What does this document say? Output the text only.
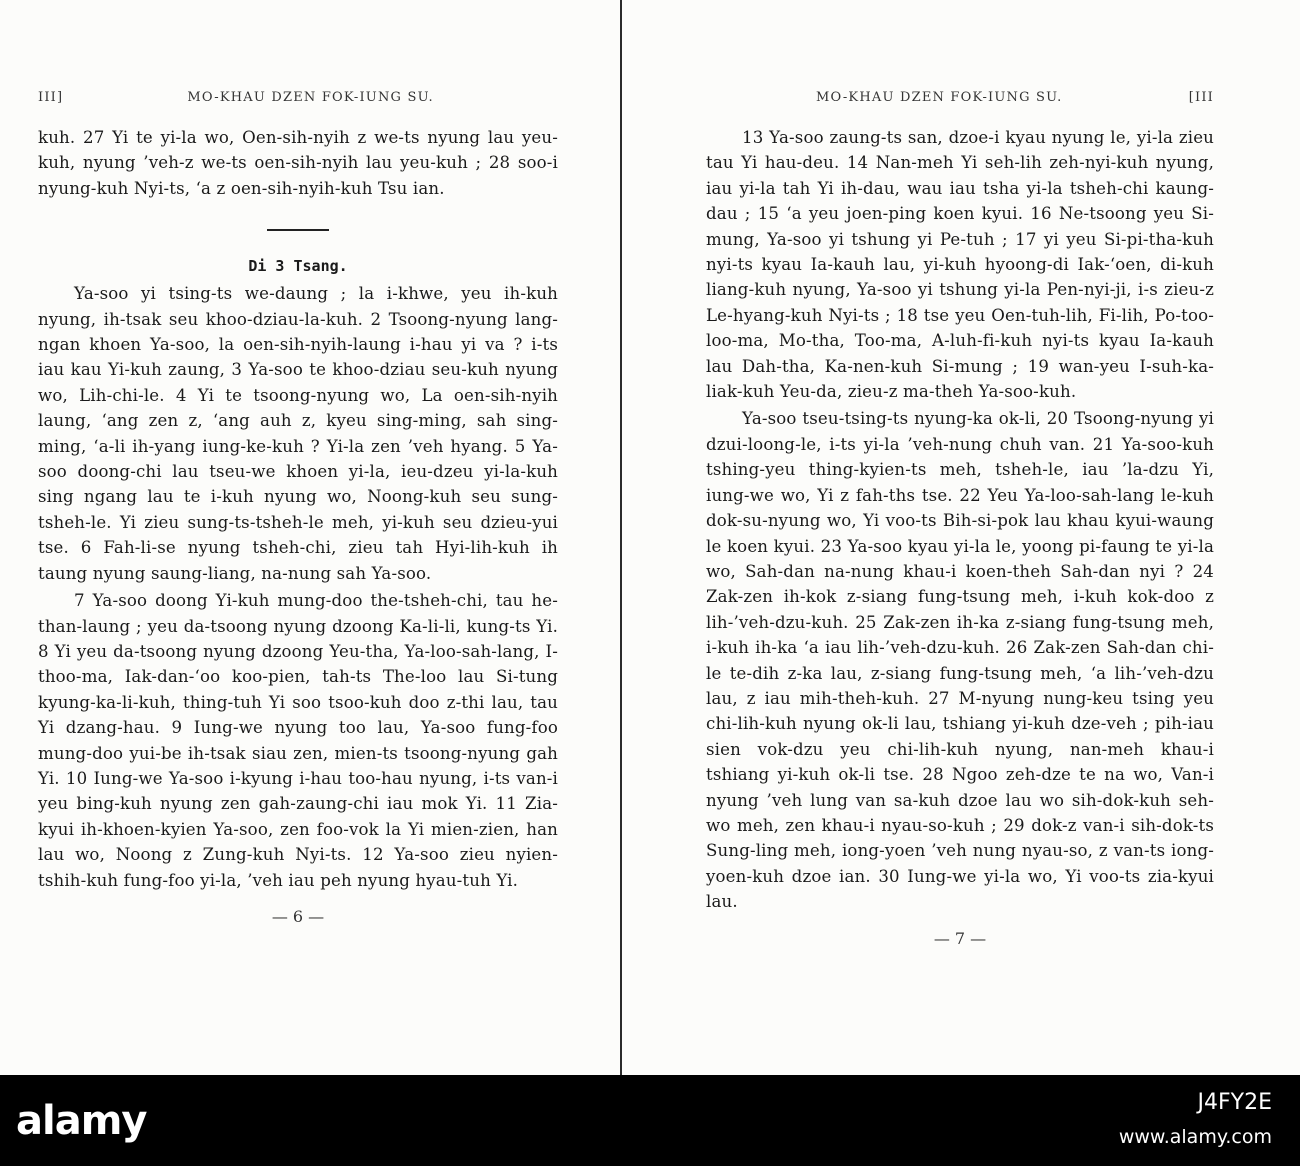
III]	MO-KHAU DZEN FOK-IUNG SU.

kuh. 27 Yi te yi-la wo, Oen-sih-nyih z we-ts nyung lau yeu-kuh, nyung ’veh-z we-ts oen-sih-nyih lau yeu-kuh ; 28 soo-i nyung-kuh Nyi-ts, ‘a z oen-sih-nyih-kuh Tsu ian.

Di 3 Tsang.

Ya-soo yi tsing-ts we-daung ; la i-khwe, yeu ih-kuh nyung, ih-tsak seu khoo-dziau-la-kuh. 2 Tsoong-nyung lang-ngan khoen Ya-soo, la oen-sih-nyih-laung i-hau yi va ? i-ts iau kau Yi-kuh zaung, 3 Ya-soo te khoo-dziau seu-kuh nyung wo, Lih-chi-le. 4 Yi te tsoong-nyung wo, La oen-sih-nyih laung, ‘ang zen z, ‘ang auh z, kyeu sing-ming, sah sing-ming, ‘a-li ih-yang iung-ke-kuh ? Yi-la zen ’veh hyang. 5 Ya-soo doong-chi lau tseu-we khoen yi-la, ieu-dzeu yi-la-kuh sing ngang lau te i-kuh nyung wo, Noong-kuh seu sung-tsheh-le. Yi zieu sung-ts-tsheh-le meh, yi-kuh seu dzieu-yui tse. 6 Fah-li-se nyung tsheh-chi, zieu tah Hyi-lih-kuh ih taung nyung saung-liang, na-nung sah Ya-soo.

7 Ya-soo doong Yi-kuh mung-doo the-tsheh-chi, tau he-than-laung ; yeu da-tsoong nyung dzoong Ka-li-li, kung-ts Yi. 8 Yi yeu da-tsoong nyung dzoong Yeu-tha, Ya-loo-sah-lang, I-thoo-ma, Iak-dan-‘oo koo-pien, tah-ts The-loo lau Si-tung kyung-ka-li-kuh, thing-tuh Yi soo tsoo-kuh doo z-thi lau, tau Yi dzang-hau. 9 Iung-we nyung too lau, Ya-soo fung-foo mung-doo yui-be ih-tsak siau zen, mien-ts tsoong-nyung gah Yi. 10 Iung-we Ya-soo i-kyung i-hau too-hau nyung, i-ts van-i yeu bing-kuh nyung zen gah-zaung-chi iau mok Yi. 11 Zia-kyui ih-khoen-kyien Ya-soo, zen foo-vok la Yi mien-zien, han lau wo, Noong z Zung-kuh Nyi-ts. 12 Ya-soo zieu nyien-tshih-kuh fung-foo yi-la, ’veh iau peh nyung hyau-tuh Yi.

— 6 —
MO-KHAU DZEN FOK-IUNG SU.	[III

13 Ya-soo zaung-ts san, dzoe-i kyau nyung le, yi-la zieu tau Yi hau-deu. 14 Nan-meh Yi seh-lih zeh-nyi-kuh nyung, iau yi-la tah Yi ih-dau, wau iau tsha yi-la tsheh-chi kaung-dau ; 15 ‘a yeu joen-ping koen kyui. 16 Ne-tsoong yeu Si-mung, Ya-soo yi tshung yi Pe-tuh ; 17 yi yeu Si-pi-tha-kuh nyi-ts kyau Ia-kauh lau, yi-kuh hyoong-di Iak-‘oen, di-kuh liang-kuh nyung, Ya-soo yi tshung yi-la Pen-nyi-ji, i-s zieu-z Le-hyang-kuh Nyi-ts ; 18 tse yeu Oen-tuh-lih, Fi-lih, Po-too-loo-ma, Mo-tha, Too-ma, A-luh-fi-kuh nyi-ts kyau Ia-kauh lau Dah-tha, Ka-nen-kuh Si-mung ; 19 wan-yeu I-suh-ka-liak-kuh Yeu-da, zieu-z ma-theh Ya-soo-kuh.

Ya-soo tseu-tsing-ts nyung-ka ok-li, 20 Tsoong-nyung yi dzui-loong-le, i-ts yi-la ’veh-nung chuh van. 21 Ya-soo-kuh tshing-yeu thing-kyien-ts meh, tsheh-le, iau ’la-dzu Yi, iung-we wo, Yi z fah-ths tse. 22 Yeu Ya-loo-sah-lang le-kuh dok-su-nyung wo, Yi voo-ts Bih-si-pok lau khau kyui-waung le koen kyui. 23 Ya-soo kyau yi-la le, yoong pi-faung te yi-la wo, Sah-dan na-nung khau-i koen-theh Sah-dan nyi ? 24 Zak-zen ih-kok z-siang fung-tsung meh, i-kuh kok-doo z lih-’veh-dzu-kuh. 25 Zak-zen ih-ka z-siang fung-tsung meh, i-kuh ih-ka ‘a iau lih-’veh-dzu-kuh. 26 Zak-zen Sah-dan chi-le te-dih z-ka lau, z-siang fung-tsung meh, ‘a lih-’veh-dzu lau, z iau mih-theh-kuh. 27 M-nyung nung-keu tsing yeu chi-lih-kuh nyung ok-li lau, tshiang yi-kuh dze-veh ; pih-iau sien vok-dzu yeu chi-lih-kuh nyung, nan-meh khau-i tshiang yi-kuh ok-li tse. 28 Ngoo zeh-dze te na wo, Van-i nyung ’veh lung van sa-kuh dzoe lau wo sih-dok-kuh seh-wo meh, zen khau-i nyau-so-kuh ; 29 dok-z van-i sih-dok-ts Sung-ling meh, iong-yoen ’veh nung nyau-so, z van-ts iong-yoen-kuh dzoe ian. 30 Iung-we yi-la wo, Yi voo-ts zia-kyui lau.

— 7 —
alamy	J4FY2E
www.alamy.com
